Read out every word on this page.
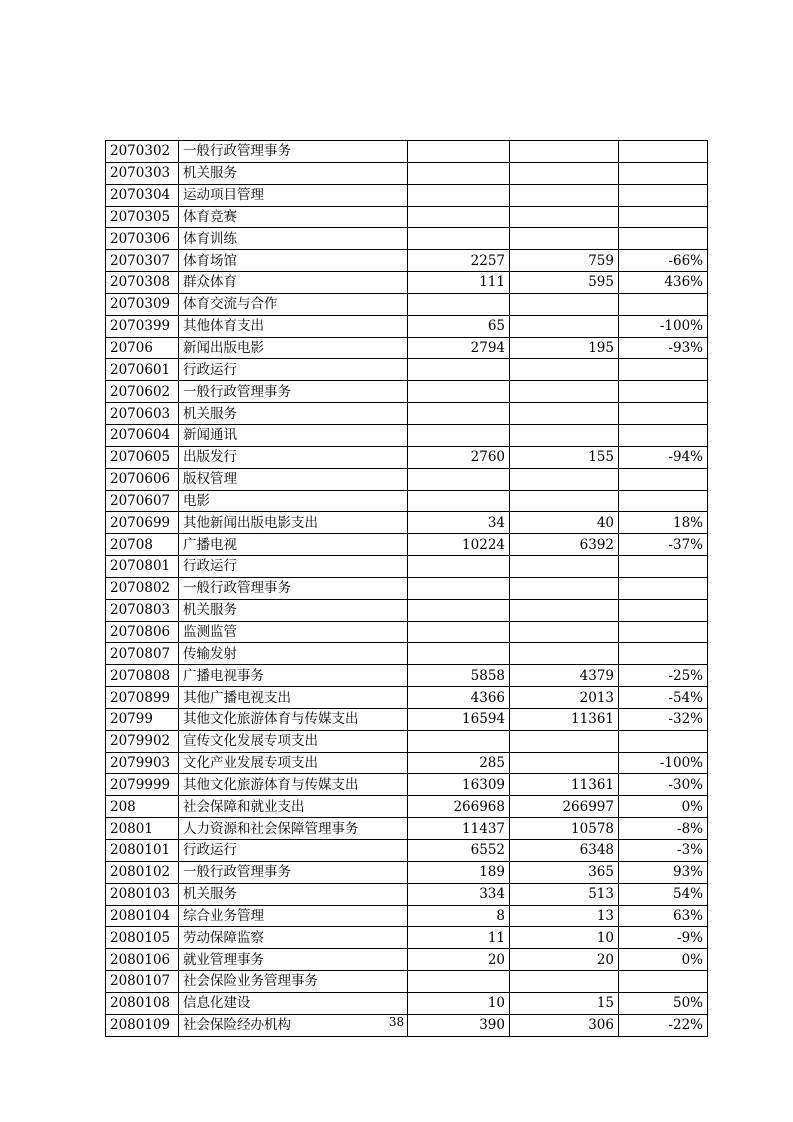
2070302	一般行政管理事务			
2070303	机关服务			
2070304	运动项目管理			
2070305	体育竞赛			
2070306	体育训练			
2070307	体育场馆	2257	759	-66%
2070308	群众体育	111	595	436%
2070309	体育交流与合作			
2070399	其他体育支出	65		-100%
20706	新闻出版电影	2794	195	-93%
2070601	行政运行			
2070602	一般行政管理事务			
2070603	机关服务			
2070604	新闻通讯			
2070605	出版发行	2760	155	-94%
2070606	版权管理			
2070607	电影			
2070699	其他新闻出版电影支出	34	40	18%
20708	广播电视	10224	6392	-37%
2070801	行政运行			
2070802	一般行政管理事务			
2070803	机关服务			
2070806	监测监管			
2070807	传输发射			
2070808	广播电视事务	5858	4379	-25%
2070899	其他广播电视支出	4366	2013	-54%
20799	其他文化旅游体育与传媒支出	16594	11361	-32%
2079902	宣传文化发展专项支出			
2079903	文化产业发展专项支出	285		-100%
2079999	其他文化旅游体育与传媒支出	16309	11361	-30%
208	社会保障和就业支出	266968	266997	0%
20801	人力资源和社会保障管理事务	11437	10578	-8%
2080101	行政运行	6552	6348	-3%
2080102	一般行政管理事务	189	365	93%
2080103	机关服务	334	513	54%
2080104	综合业务管理	8	13	63%
2080105	劳动保障监察	11	10	-9%
2080106	就业管理事务	20	20	0%
2080107	社会保险业务管理事务			
2080108	信息化建设	10	15	50%
2080109	社会保险经办机构	390	306	-22%
38
